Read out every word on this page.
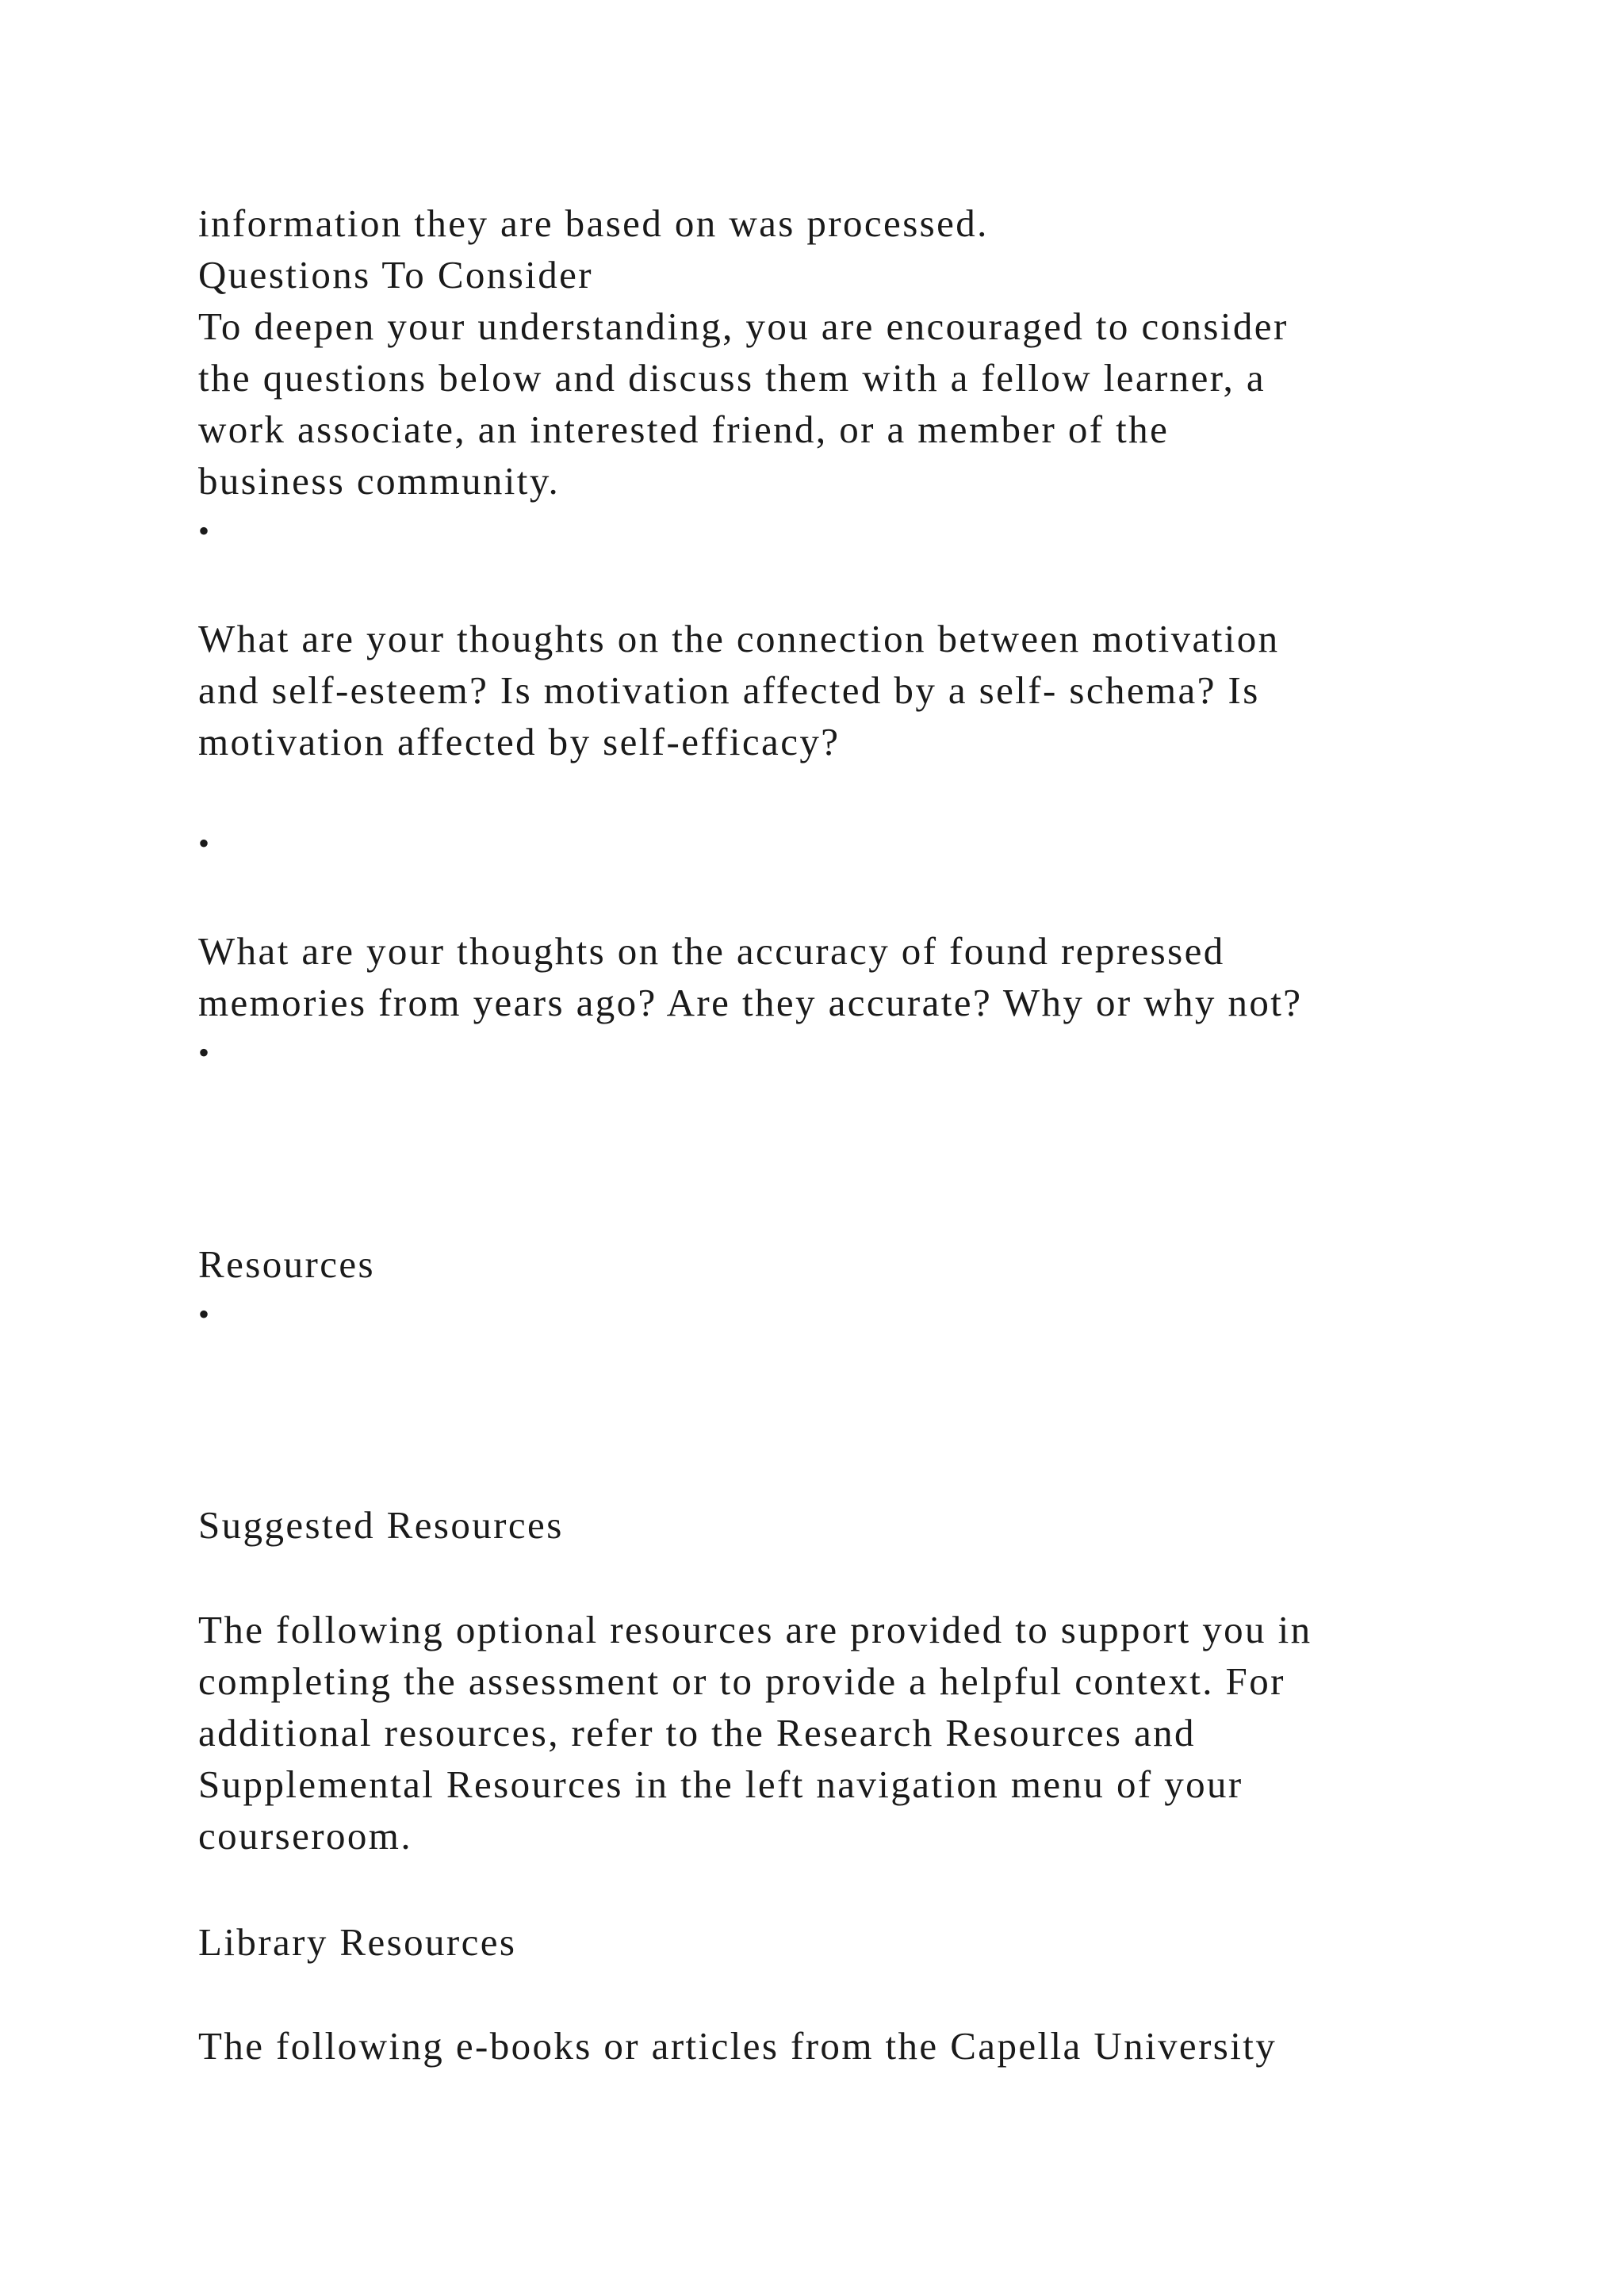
information they are based on was processed.

Questions To Consider

To deepen your understanding, you are encouraged to consider

the questions below and discuss them with a fellow learner, a

work associate, an interested friend, or a member of the

business community.

•

What are your thoughts on the connection between motivation

and self-esteem? Is motivation affected by a self- schema? Is

motivation affected by self-efficacy?

•

What are your thoughts on the accuracy of found repressed

memories from years ago? Are they accurate? Why or why not?

•

Resources

•

Suggested Resources

The following optional resources are provided to support you in

completing the assessment or to provide a helpful context. For

additional resources, refer to the Research Resources and

Supplemental Resources in the left navigation menu of your

courseroom.

Library Resources

The following e-books or articles from the Capella University
